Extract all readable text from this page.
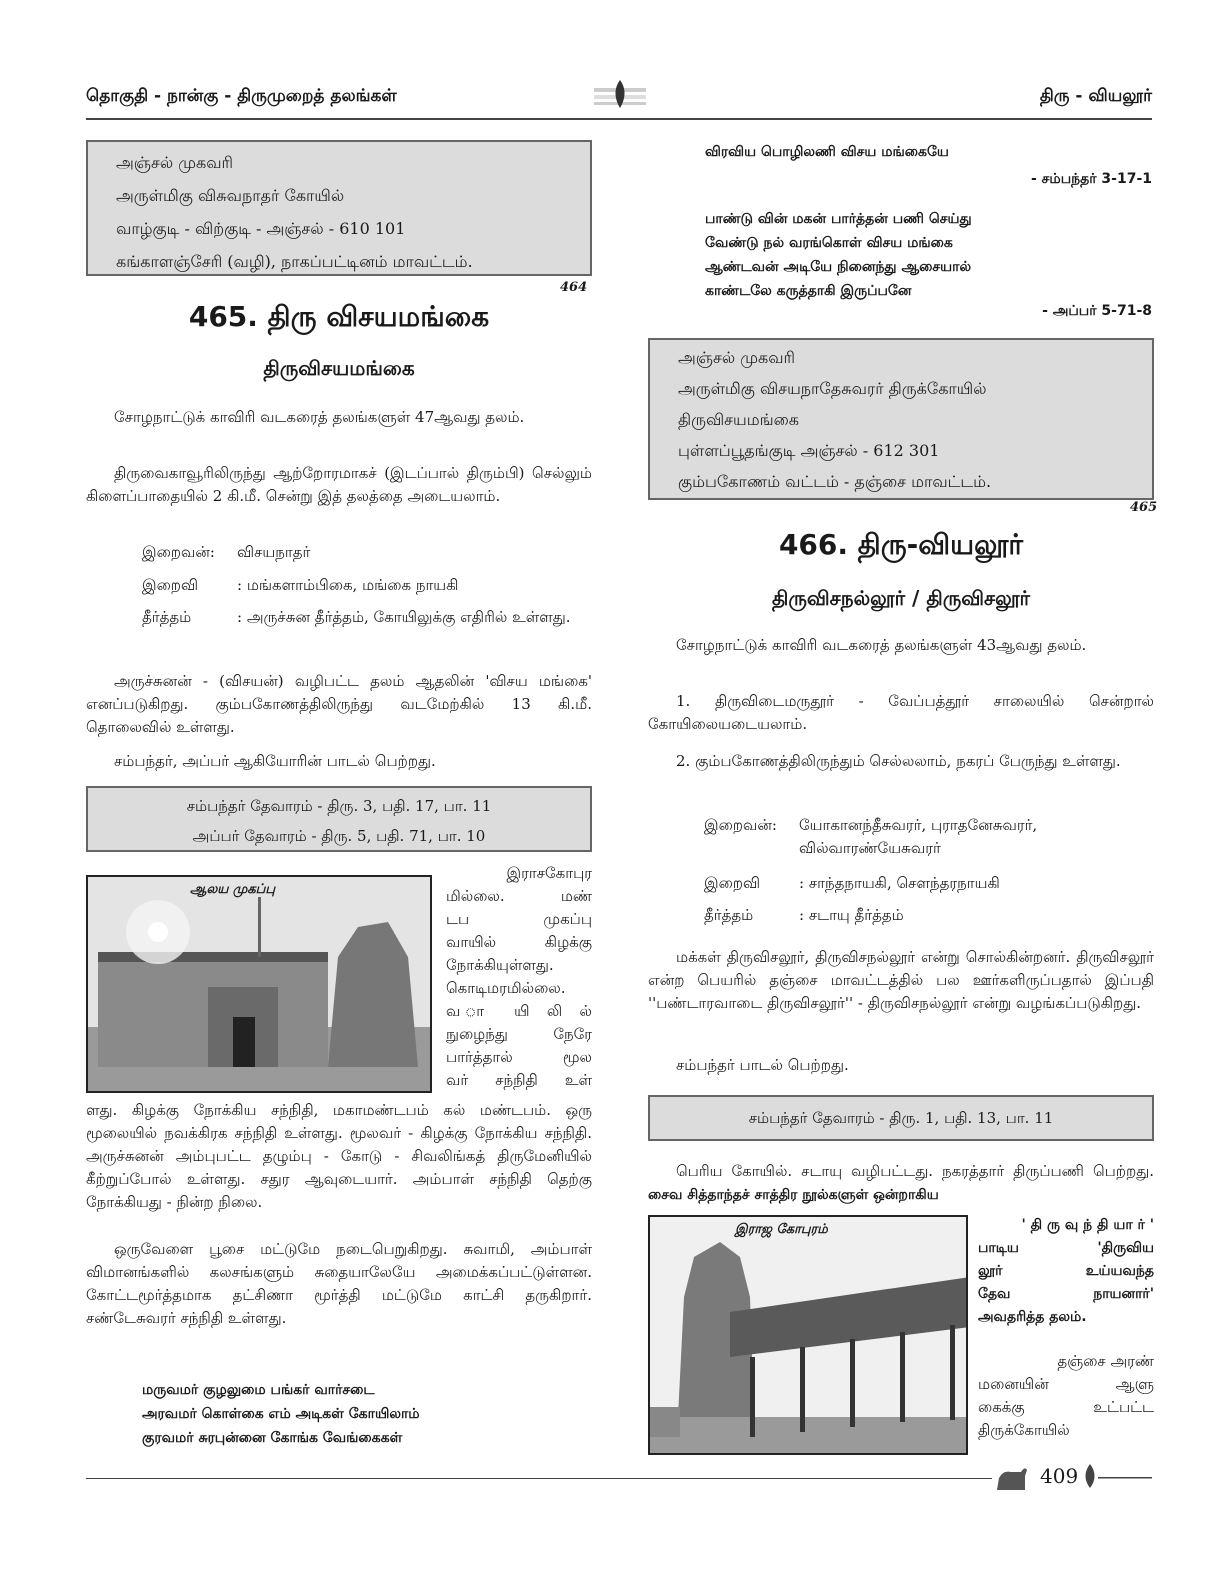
தொகுதி - நான்கு - திருமுறைத் தலங்கள்	திரு - வியலூர்
அஞ்சல் முகவரி
அருள்மிகு விசுவநாதர் கோயில்
வாழ்குடி - விற்குடி - அஞ்சல் - 610 101
கங்காளஞ்சேரி (வழி), நாகப்பட்டினம் மாவட்டம்.
464
465. திரு விசயமங்கை
திருவிசயமங்கை
சோழநாட்டுக் காவிரி வடகரைத் தலங்களுள் 47ஆவது தலம்.
திருவைகாவூரிலிருந்து ஆற்றோரமாகச் (இடப்பால் திரும்பி) செல்லும் கிளைப்பாதையில் 2 கி.மீ. சென்று இத் தலத்தை அடையலாம்.
இறைவன்: விசயநாதர்
இறைவி	: மங்களாம்பிகை, மங்கை நாயகி
தீர்த்தம்	: அருச்சுன தீர்த்தம், கோயிலுக்கு எதிரில் உள்ளது.
அருச்சுனன் - (விசயன்) வழிபட்ட தலம் ஆதலின் 'விசய மங்கை' எனப்படுகிறது. கும்பகோணத்திலிருந்து வடமேற்கில் 13 கி.மீ. தொலைவில் உள்ளது.
சம்பந்தர், அப்பர் ஆகியோரின் பாடல் பெற்றது.
சம்பந்தர் தேவாரம் - திரு. 3, பதி. 17, பா. 11
அப்பர் தேவாரம் - திரு. 5, பதி. 71, பா. 10
ஆலய முகப்பு
இராசகோபுர
மில்லை. மண்
டப முகப்பு
வாயில் கிழக்கு
நோக்கியுள்ளது.
கொடிமரமில்லை.
வ ா யி லி ல்
நுழைந்து நேரே
பார்த்தால் மூல
வர் சந்நிதி உள்
ளது. கிழக்கு நோக்கிய சந்நிதி, மகாமண்டபம் கல் மண்டபம். ஒரு மூலையில் நவக்கிரக சந்நிதி உள்ளது. மூலவர் - கிழக்கு நோக்கிய சந்நிதி. அருச்சுனன் அம்புபட்ட தழும்பு - கோடு - சிவலிங்கத் திருமேனியில் கீற்றுப்போல் உள்ளது. சதுர ஆவுடையார். அம்பாள் சந்நிதி தெற்கு நோக்கியது - நின்ற நிலை.
ஒருவேளை பூசை மட்டுமே நடைபெறுகிறது. சுவாமி, அம்பாள் விமானங்களில் கலசங்களும் சுதையாலேயே அமைக்கப்பட்டுள்ளன. கோட்டமூர்த்தமாக தட்சிணா மூர்த்தி மட்டுமே காட்சி தருகிறார். சண்டேசுவரர் சந்நிதி உள்ளது.
மருவமர் குழலுமை பங்கர் வார்சடை
அரவமர் கொள்கை எம் அடிகள் கோயிலாம்
குரவமர் சுரபுன்னை கோங்க வேங்கைகள்
விரவிய பொழிலணி விசய மங்கையே
- சம்பந்தர் 3-17-1
பாண்டு வின் மகன் பார்த்தன் பணி செய்து
வேண்டு நல் வரங்கொள் விசய மங்கை
ஆண்டவன் அடியே நினைந்து ஆசையால்
காண்டலே கருத்தாகி இருப்பனே
- அப்பர் 5-71-8
அஞ்சல் முகவரி
அருள்மிகு விசயநாதேசுவரர் திருக்கோயில்
திருவிசயமங்கை
புள்ளப்பூதங்குடி அஞ்சல் - 612 301
கும்பகோணம் வட்டம் - தஞ்சை மாவட்டம்.
465
466. திரு-வியலூர்
திருவிசநல்லூர் / திருவிசலூர்
சோழநாட்டுக் காவிரி வடகரைத் தலங்களுள் 43ஆவது தலம்.
1. திருவிடைமருதூர் - வேப்பத்தூர் சாலையில் சென்றால் கோயிலையடையலாம்.
2. கும்பகோணத்திலிருந்தும் செல்லலாம், நகரப் பேருந்து உள்ளது.
இறைவன்: யோகானந்தீசுவரர், புராதனேசுவரர், வில்வாரண்யேசுவரர்
இறைவி	: சாந்தநாயகி, சௌந்தரநாயகி
தீர்த்தம்	: சடாயு தீர்த்தம்
மக்கள் திருவிசலூர், திருவிசநல்லூர் என்று சொல்கின்றனர். திருவிசலூர் என்ற பெயரில் தஞ்சை மாவட்டத்தில் பல ஊர்களிருப்பதால் இப்பதி ''பண்டாரவாடை திருவிசலூர்'' - திருவிசநல்லூர் என்று வழங்கப்படுகிறது.
சம்பந்தர் பாடல் பெற்றது.
சம்பந்தர் தேவாரம் - திரு. 1, பதி. 13, பா. 11
பெரிய கோயில். சடாயு வழிபட்டது. நகரத்தார் திருப்பணி பெற்றது. சைவ சித்தாந்தச் சாத்திர நூல்களுள் ஒன்றாகிய
இராஜ கோபுரம்	' தி ரு வு ந் தி யா ர் '
பாடிய 'திருவிய
லூர் உய்யவந்த
தேவ நாயனார்'
அவதரித்த தலம்.
தஞ்சை அரண்
மனையின் ஆளு
கைக்கு உட்பட்ட
திருக்கோயில்
409
